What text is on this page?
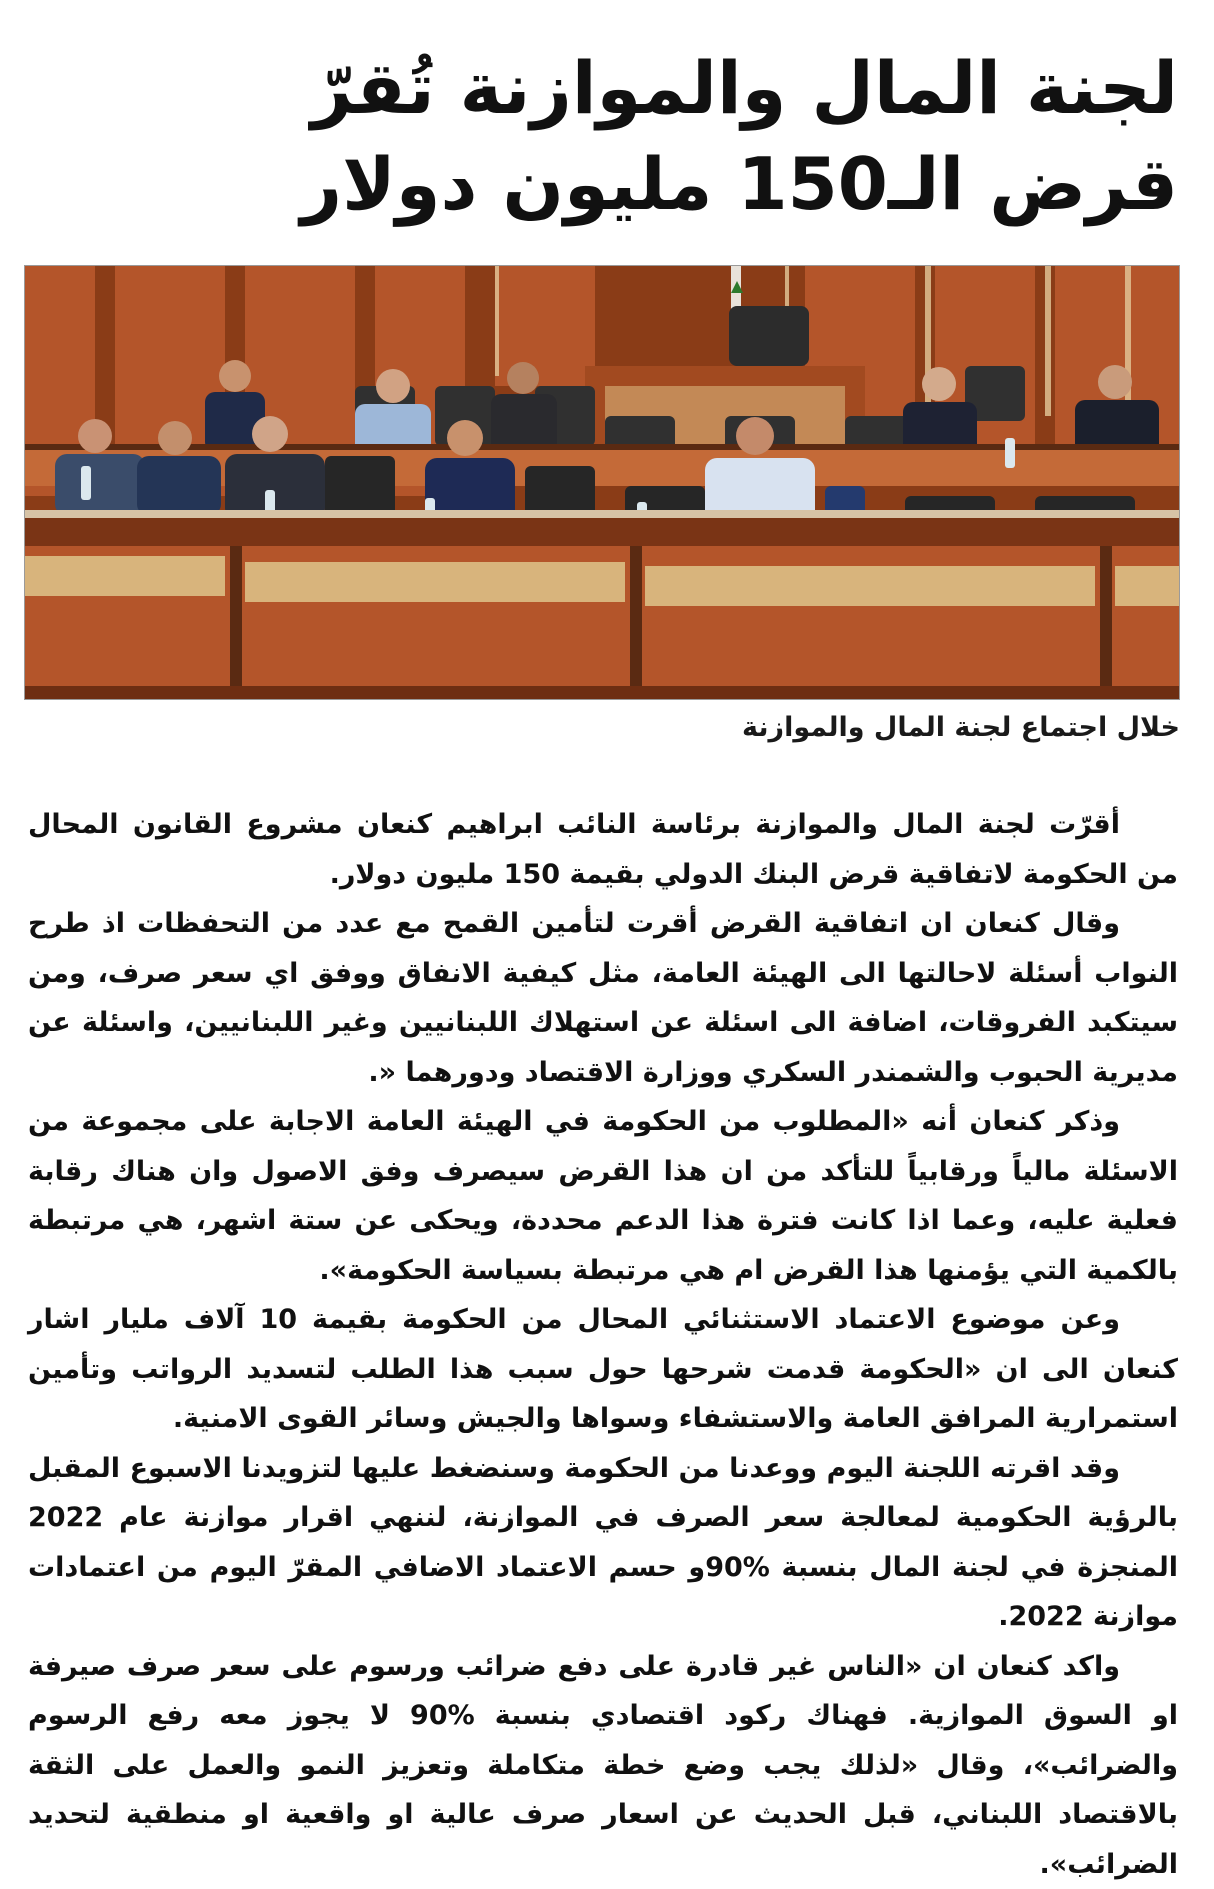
لجنة المال والموازنة تُقرّ
قرض الـ150 مليون دولار
خلال اجتماع لجنة المال والموازنة

أقرّت لجنة المال والموازنة برئاسة النائب ابراهيم كنعان مشروع القانون المحال من الحكومة لاتفاقية قرض البنك الدولي بقيمة 150 مليون دولار.

وقال كنعان ان اتفاقية القرض أقرت لتأمين القمح مع عدد من التحفظات اذ طرح النواب أسئلة لاحالتها الى الهيئة العامة، مثل كيفية الانفاق ووفق اي سعر صرف، ومن سيتكبد الفروقات، اضافة الى اسئلة عن استهلاك اللبنانيين وغير اللبنانيين، واسئلة عن مديرية الحبوب والشمندر السكري ووزارة الاقتصاد ودورهما «.

وذكر كنعان أنه «المطلوب من الحكومة في الهيئة العامة الاجابة على مجموعة من الاسئلة مالياً ورقابياً للتأكد من ان هذا القرض سيصرف وفق الاصول وان هناك رقابة فعلية عليه، وعما اذا كانت فترة هذا الدعم محددة، ويحكى عن ستة اشهر، هي مرتبطة بالكمية التي يؤمنها هذا القرض ام هي مرتبطة بسياسة الحكومة».

وعن موضوع الاعتماد الاستثنائي المحال من الحكومة بقيمة 10 آلاف مليار اشار كنعان الى ان «الحكومة قدمت شرحها حول سبب هذا الطلب لتسديد الرواتب وتأمين استمرارية المرافق العامة والاستشفاء وسواها والجيش وسائر القوى الامنية.

وقد اقرته اللجنة اليوم ووعدنا من الحكومة وسنضغط عليها لتزويدنا الاسبوع المقبل بالرؤية الحكومية لمعالجة سعر الصرف في الموازنة، لننهي اقرار موازنة عام 2022 المنجزة في لجنة المال بنسبة %90و حسم الاعتماد الاضافي المقرّ اليوم من اعتمادات موازنة 2022.

واكد كنعان ان «الناس غير قادرة على دفع ضرائب ورسوم على سعر صرف صيرفة او السوق الموازية. فهناك ركود اقتصادي بنسبة %90 لا يجوز معه رفع الرسوم والضرائب»، وقال «لذلك يجب وضع خطة متكاملة وتعزيز النمو والعمل على الثقة بالاقتصاد اللبناني، قبل الحديث عن اسعار صرف عالية او واقعية او منطقية لتحديد الضرائب».
